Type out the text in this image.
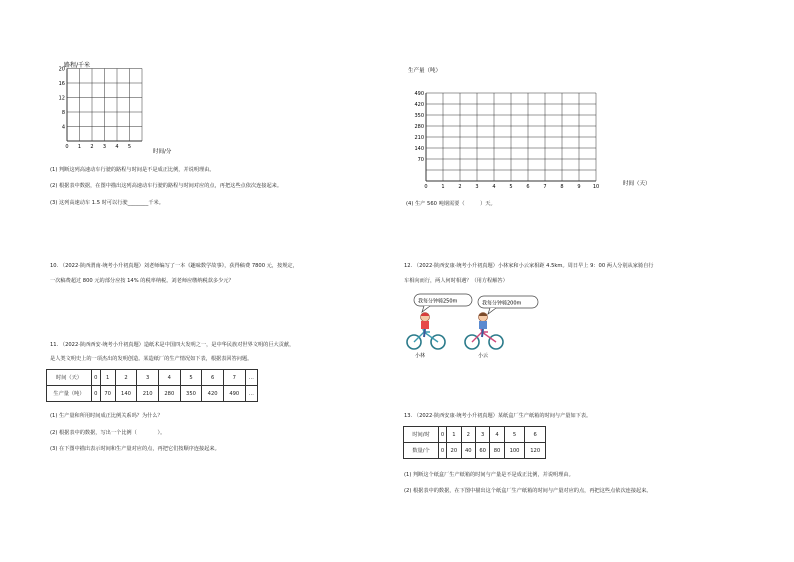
路程/千米
时间/分
20
16
12
8
4
0 1 2 3 4 5
(1) 判断这列高速动车行驶的路程与时间是不是成正比例，并说明理由。
(2) 根据表中数据，在图中描出这列高速动车行驶的路程与时间对应的点，再把这些点依次连接起来。
(3) 这列高速动车 1.5 时可以行驶________千米。
生产量（吨）
时间（天）
490
420
350
280
210
140
70
0	1	2	3	4	5	6	7	8	9 10
(4) 生产 560 吨钢需要（　　　）天。
10. （2022·陕西渭南·统考小升初真题）刘老师编写了一本《趣味数学故事》，获得稿费 7800 元，按规定，
一次稿费超过 800 元的部分应按 14% 的税率纳税。刘老师应缴纳税款多少元？
11. （2022·陕西西安·统考小升初真题）造纸术是中国四大发明之一，是中华民族对世界文明的巨大贡献，
是人类文明史上的一项杰出的发明创造。某造纸厂的生产情况如下表，根据表回答问题。
时间（天）	0	1	2	3	4	5	6	7	…
生产量（吨）	0	70	140	210	280	350	420	490	…
(1) 生产量和所用时间成正比例关系吗？为什么？
(2) 根据表中的数据，写出一个比例（　　　　）。
(3) 在下图中描出表示时间和生产量对应的点，再把它们按顺序连接起来。
12. （2022·陕西安康·统考小升初真题）小林家和小云家相距 4.5km。周日早上 9：00 两人分别从家骑自行
车相向而行，两人何时相遇？（用方程解答）
我每分钟骑250m	我每分钟骑200m
小林	小云
13. （2022·陕西安康·统考小升初真题）某纸盒厂生产纸箱的时间与产量如下表。
时间/时	0	1	2	3	4	5	6
数量/个	0	20	40	60	80	100	120
(1) 判断这个纸盒厂生产纸箱的时间与产量是不是成正比例，并说明理由。
(2) 根据表中的数据，在下图中描出这个纸盒厂生产纸箱的时间与产量对应的点，再把这些点依次连接起来。
